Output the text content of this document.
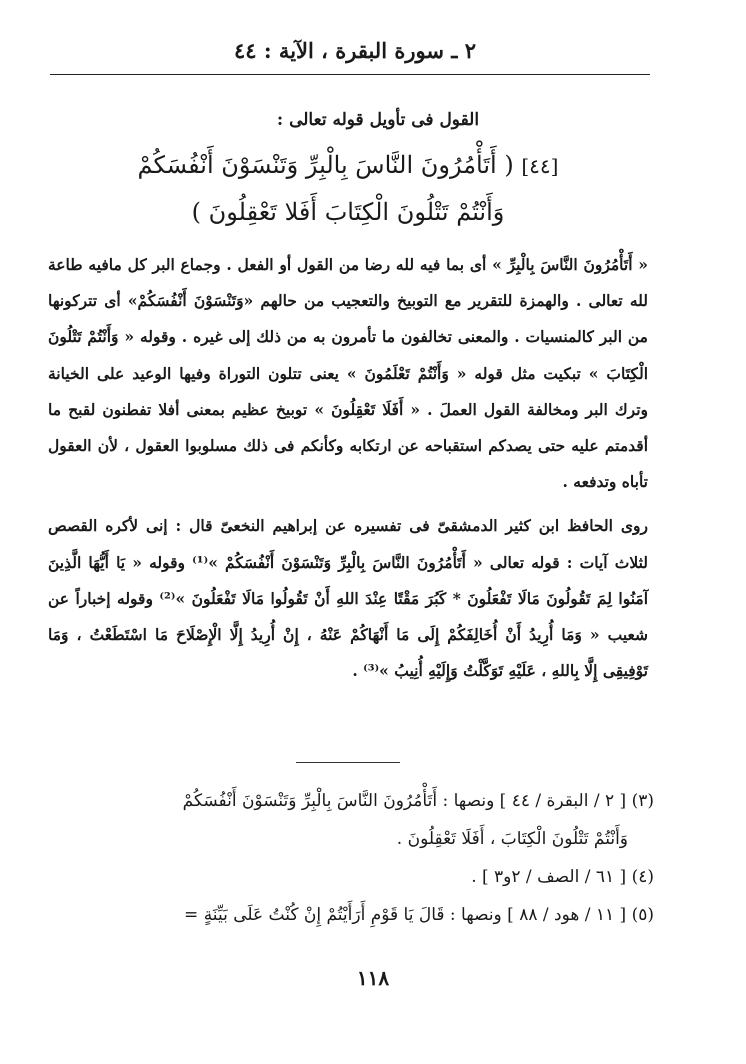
٢ ـ سورة البقرة ، الآية : ٤٤

القول فى تأويل قوله تعالى :

[٤٤] ( أَتَأْمُرُونَ النَّاسَ بِالْبِرِّ وَتَنْسَوْنَ أَنْفُسَكُمْ

وَأَنْتُمْ تَتْلُونَ الْكِتَابَ أَفَلا تَعْقِلُونَ )

« أَتَأْمُرُونَ النَّاسَ بِالْبِرِّ » أى بما فيه لله رضا من القول أو الفعل . وجماع البر كل مافيه طاعة لله تعالى . والهمزة للتقرير مع التوبيخ والتعجيب من حالهم «وَتَنْسَوْنَ أَنْفُسَكُمْ» أى تتركونها من البر كالمنسيات . والمعنى تخالفون ما تأمرون به من ذلك إلى غيره . وقوله « وَأَنْتُمْ تَتْلُونَ الْكِتَابَ » تبكيت مثل قوله « وَأَنْتُمْ تَعْلَمُونَ » يعنى تتلون التوراة وفيها الوعيد على الخيانة وترك البر ومخالفة القول العملَ . « أَفَلَا تَعْقِلُونَ » توبيخ عظيم بمعنى أفلا تفطنون لقبح ما أقدمتم عليه حتى يصدكم استقباحه عن ارتكابه وكأنكم فى ذلك مسلوبوا العقول ، لأن العقول تأباه وتدفعه .

روى الحافظ ابن كثير الدمشقىّ فى تفسيره عن إبراهيم النخعىّ قال : إنى لأكره القصص لثلاث آيات : قوله تعالى « أَتَأْمُرُونَ النَّاسَ بِالْبِرِّ وَتَنْسَوْنَ أَنْفُسَكُمْ »⁽¹⁾ وقوله « يَا أَيُّهَا الَّذِينَ آمَنُوا لِمَ تَقُولُونَ مَالَا تَفْعَلُونَ * كَبُرَ مَقْتًا عِنْدَ اللهِ أَنْ تَقُولُوا مَالَا تَفْعَلُونَ »⁽²⁾ وقوله إخباراً عن شعيب « وَمَا أُرِيدُ أَنْ أُخَالِفَكُمْ إِلَى مَا أَنْهَاكُمْ عَنْهُ ، إِنْ أُرِيدُ إِلَّا الْإِصْلَاحَ مَا اسْتَطَعْتُ ، وَمَا تَوْفِيقِى إِلَّا بِاللهِ ، عَلَيْهِ تَوَكَّلْتُ وَإِلَيْهِ أُنِيبُ »⁽³⁾ .

(٣) [ ٢ / البقرة / ٤٤ ] ونصها : أَتَأْمُرُونَ النَّاسَ بِالْبِرِّ وَتَنْسَوْنَ أَنْفُسَكُمْ

وَأَنْتُمْ تَتْلُونَ الْكِتَابَ ، أَفَلَا تَعْقِلُونَ .

(٤) [ ٦١ / الصف / ٢و٣ ] .

(٥) [ ١١ / هود / ٨٨ ] ونصها : قَالَ يَا قَوْمِ أَرَأَيْتُمْ إِنْ كُنْتُ عَلَى بَيِّنَةٍ =

١١٨
